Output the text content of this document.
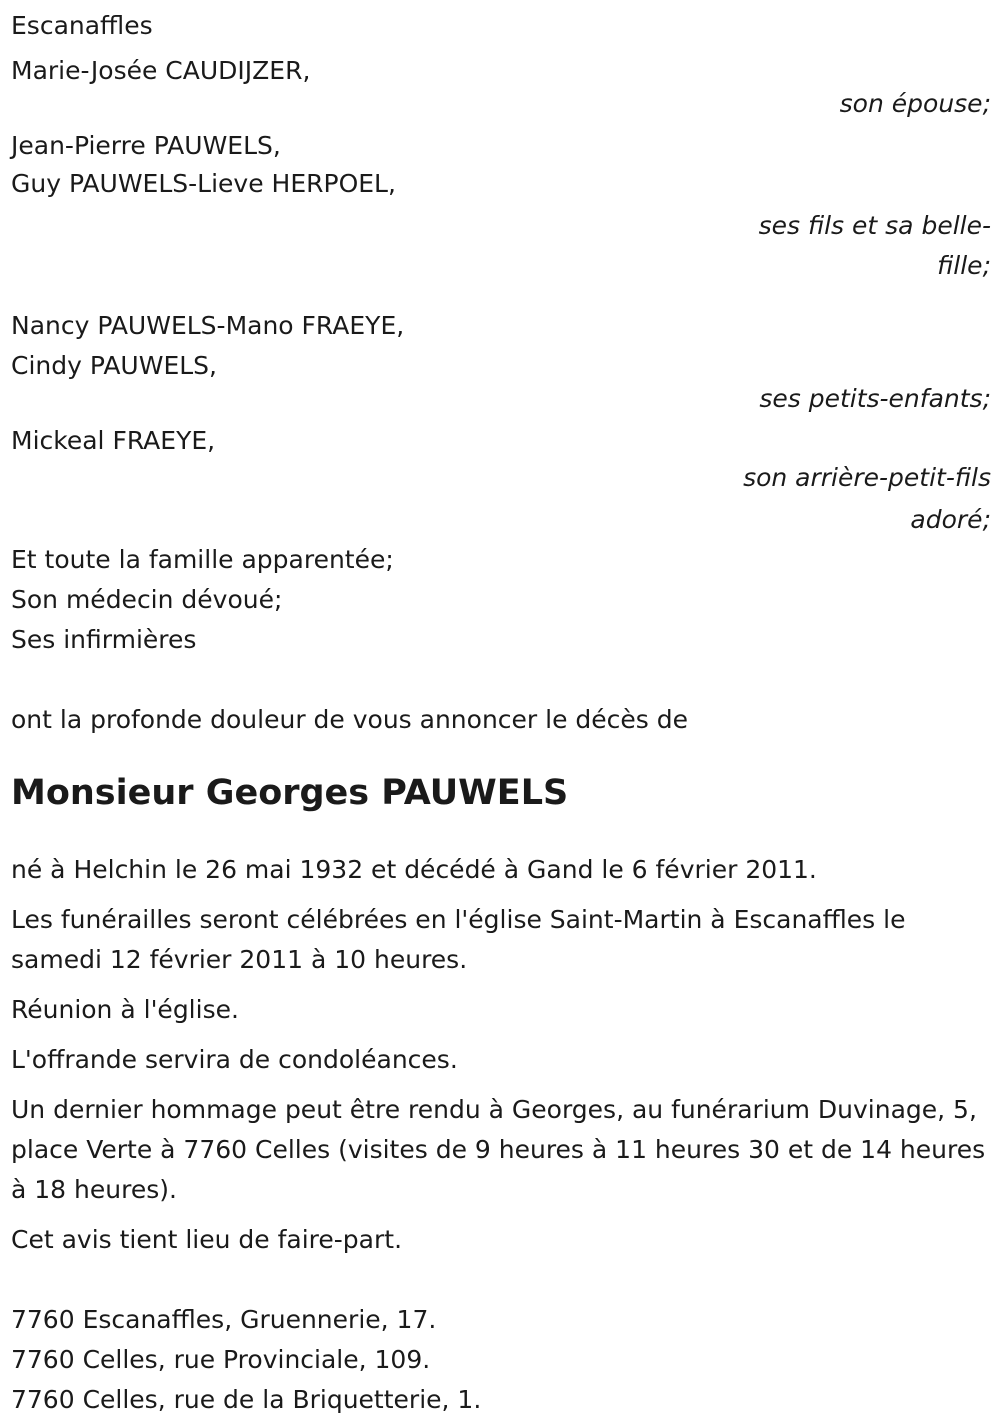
Escanaffles
Marie-Josée CAUDIJZER,
son épouse;
Jean-Pierre PAUWELS,
Guy PAUWELS-Lieve HERPOEL,
ses fils et sa belle-
fille;
Nancy PAUWELS-Mano FRAEYE,
Cindy PAUWELS,
ses petits-enfants;
Mickeal FRAEYE,
son arrière-petit-fils
adoré;
Et toute la famille apparentée;
Son médecin dévoué;
Ses infirmières
ont la profonde douleur de vous annoncer le décès de
Monsieur Georges PAUWELS
né à Helchin le 26 mai 1932 et décédé à Gand le 6 février 2011.
Les funérailles seront célébrées en l'église Saint-Martin à Escanaffles le samedi 12 février 2011 à 10 heures.
Réunion à l'église.
L'offrande servira de condoléances.
Un dernier hommage peut être rendu à Georges, au funérarium Duvinage, 5, place Verte à 7760 Celles (visites de 9 heures à 11 heures 30 et de 14 heures à 18 heures).
Cet avis tient lieu de faire-part.
7760 Escanaffles, Gruennerie, 17.
7760 Celles, rue Provinciale, 109.
7760 Celles, rue de la Briquetterie, 1.
